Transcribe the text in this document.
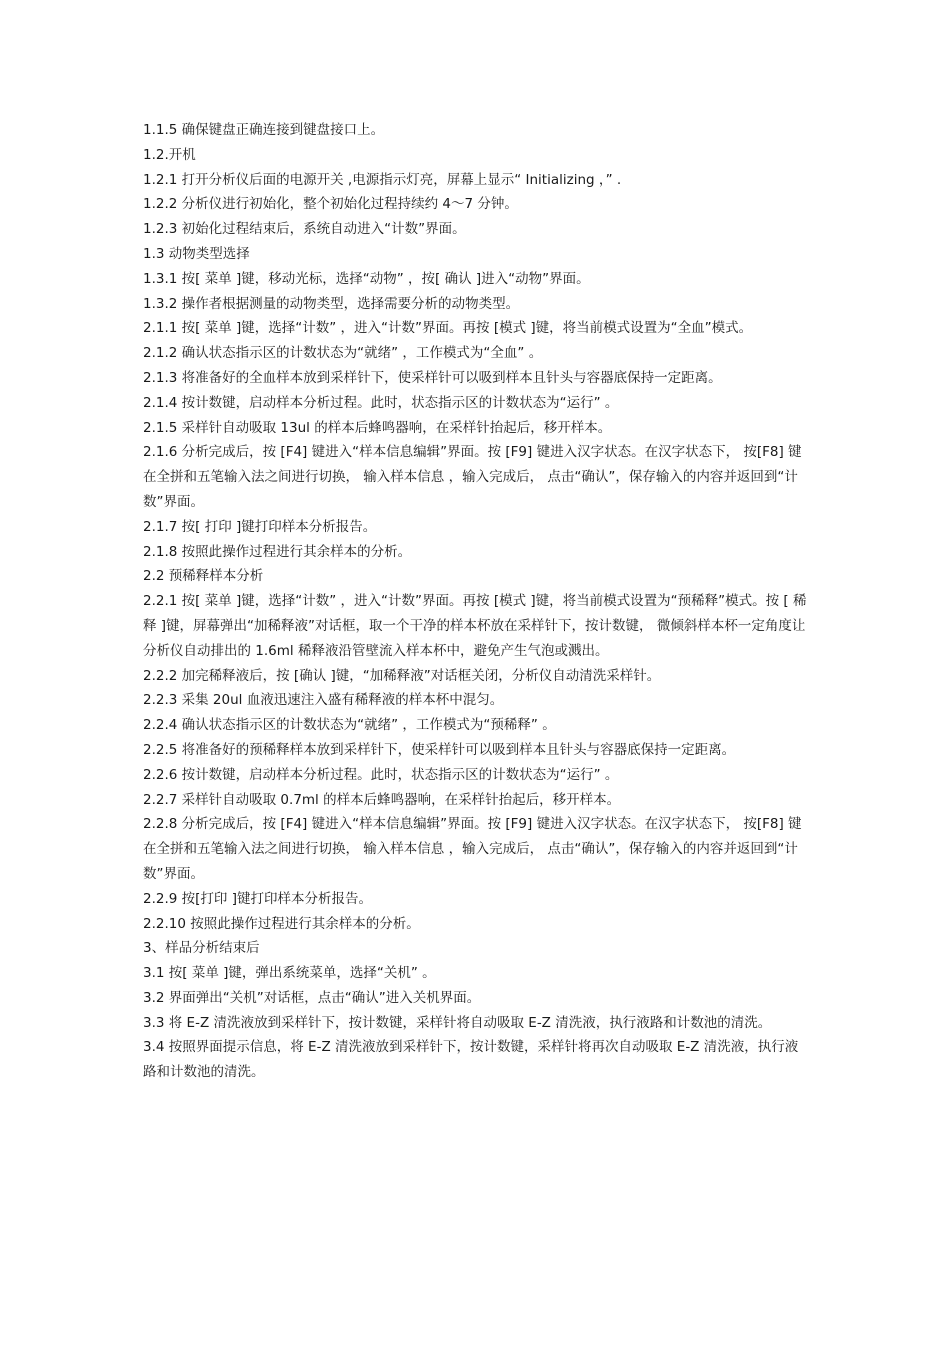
1.1.5 确保键盘正确连接到键盘接口上。

1.2.开机

1.2.1 打开分析仪后面的电源开关 ,电源指示灯亮，屏幕上显示“ Initializing ，” .

1.2.2 分析仪进行初始化，整个初始化过程持续约 4～7 分钟。

1.2.3 初始化过程结束后，系统自动进入“计数”界面。

1.3 动物类型选择

1.3.1 按[ 菜单 ]键，移动光标，选择“动物” ，按[ 确认 ]进入“动物”界面。

1.3.2 操作者根据测量的动物类型，选择需要分析的动物类型。

2.1.1 按[ 菜单 ]键，选择“计数” ，进入“计数”界面。再按 [模式 ]键，将当前模式设置为“全血”模式。

2.1.2 确认状态指示区的计数状态为“就绪” ，工作模式为“全血” 。

2.1.3 将准备好的全血样本放到采样针下，使采样针可以吸到样本且针头与容器底保持一定距离。

2.1.4 按计数键，启动样本分析过程。此时，状态指示区的计数状态为“运行” 。

2.1.5 采样针自动吸取 13ul 的样本后蜂鸣器响，在采样针抬起后，移开样本。

2.1.6 分析完成后，按 [F4] 键进入“样本信息编辑”界面。按 [F9] 键进入汉字状态。在汉字状态下， 按[F8] 键在全拼和五笔输入法之间进行切换， 输入样本信息 ，输入完成后， 点击“确认”，保存输入的内容并返回到“计数”界面。

2.1.7 按[ 打印 ]键打印样本分析报告。

2.1.8 按照此操作过程进行其余样本的分析。

2.2 预稀释样本分析

2.2.1 按[ 菜单 ]键，选择“计数” ，进入“计数”界面。再按 [模式 ]键，将当前模式设置为“预稀释”模式。按 [ 稀释 ]键，屏幕弹出“加稀释液”对话框，取一个干净的样本杯放在采样针下，按计数键， 微倾斜样本杯一定角度让分析仪自动排出的 1.6ml 稀释液沿管壁流入样本杯中，避免产生气泡或溅出。

2.2.2 加完稀释液后，按 [确认 ]键，“加稀释液”对话框关闭，分析仪自动清洗采样针。

2.2.3 采集 20ul 血液迅速注入盛有稀释液的样本杯中混匀。

2.2.4 确认状态指示区的计数状态为“就绪” ，工作模式为“预稀释” 。

2.2.5 将准备好的预稀释样本放到采样针下，使采样针可以吸到样本且针头与容器底保持一定距离。

2.2.6 按计数键，启动样本分析过程。此时，状态指示区的计数状态为“运行” 。

2.2.7 采样针自动吸取 0.7ml 的样本后蜂鸣器响，在采样针抬起后，移开样本。

2.2.8 分析完成后，按 [F4] 键进入“样本信息编辑”界面。按 [F9] 键进入汉字状态。在汉字状态下， 按[F8] 键在全拼和五笔输入法之间进行切换， 输入样本信息 ，输入完成后， 点击“确认”，保存输入的内容并返回到“计数”界面。

2.2.9 按[打印 ]键打印样本分析报告。

2.2.10 按照此操作过程进行其余样本的分析。

3、样品分析结束后

3.1 按[ 菜单 ]键，弹出系统菜单，选择“关机” 。

3.2 界面弹出“关机”对话框，点击“确认”进入关机界面。

3.3 将 E-Z 清洗液放到采样针下，按计数键，采样针将自动吸取 E-Z 清洗液，执行液路和计数池的清洗。

3.4 按照界面提示信息，将 E-Z 清洗液放到采样针下，按计数键，采样针将再次自动吸取 E-Z 清洗液，执行液路和计数池的清洗。
